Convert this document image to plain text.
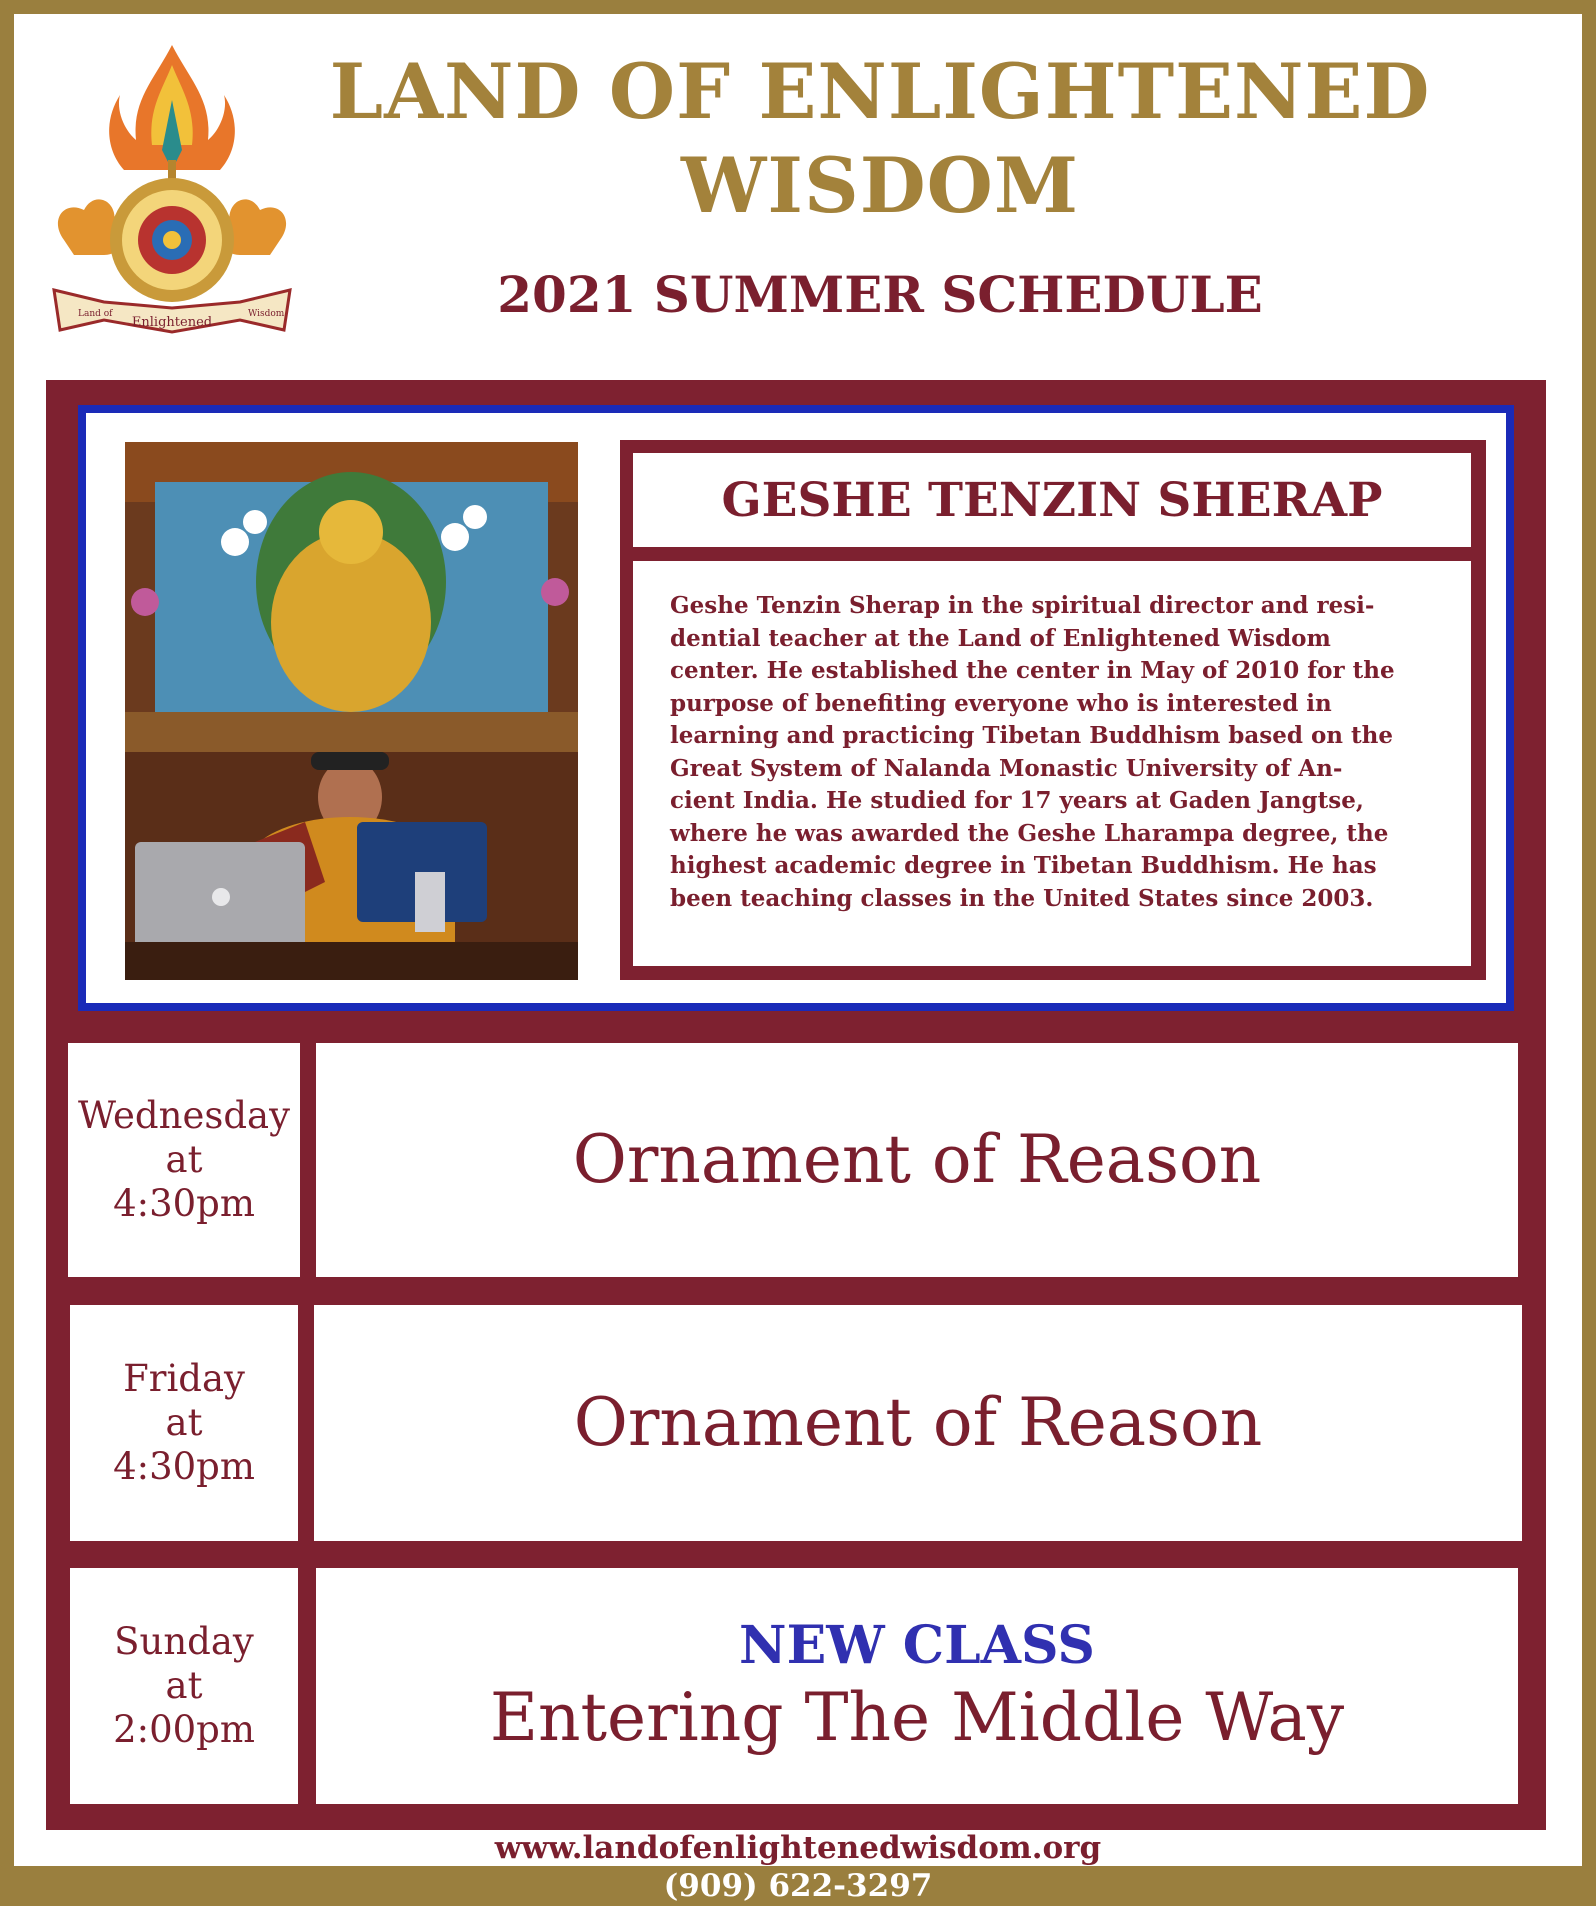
Land of
Enlightened
Wisdom
LAND OF ENLIGHTENED
WISDOM
2021 SUMMER SCHEDULE
GESHE TENZIN SHERAP
Geshe Tenzin Sherap in the spiritual director and resi-
dential teacher at the Land of Enlightened Wisdom
center. He established the center in May of 2010 for the
purpose of benefiting everyone who is interested in
learning and practicing Tibetan Buddhism based on the
Great System of Nalanda Monastic University of An-
cient India. He studied for 17 years at Gaden Jangtse,
where he was awarded the Geshe Lharampa degree, the
highest academic degree in Tibetan Buddhism. He has
been teaching classes in the United States since 2003.
Wednesday
at
4:30pm
Ornament of Reason
Friday
at
4:30pm
Ornament of Reason
Sunday
at
2:00pm
NEW CLASS
Entering The Middle Way
www.landofenlightenedwisdom.org
(909) 622-3297
